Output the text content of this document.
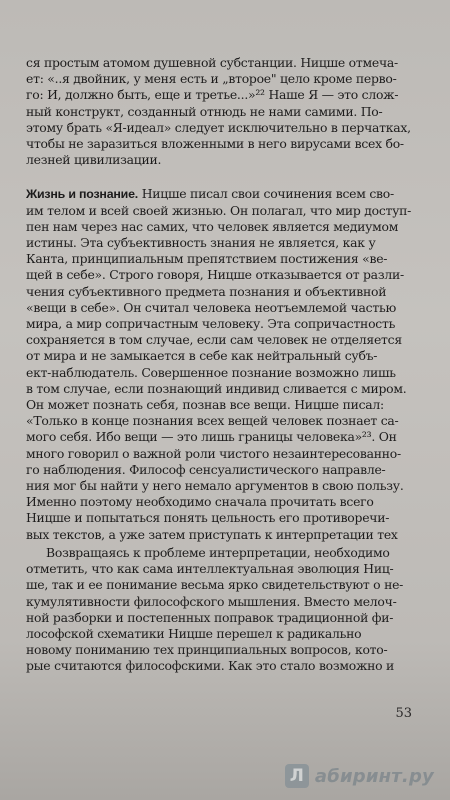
ся простым атомом душевной субстанции. Ницше отмеча-

ет: «..я двойник, у меня есть и „второе" цело кроме перво-

го: И, должно быть, еще и третье...»²² Наше Я — это слож-

ный конструкт, созданный отнюдь не нами самими. По-

этому брать «Я-идеал» следует исключительно в перчатках,

чтобы не заразиться вложенными в него вирусами всех бо-

лезней цивилизации.

Жизнь и познание. Ницше писал свои сочинения всем сво-

им телом и всей своей жизнью. Он полагал, что мир доступ-

пен нам через нас самих, что человек является медиумом

истины. Эта субъективность знания не является, как у

Канта, принципиальным препятствием постижения «ве-

щей в себе». Строго говоря, Ницше отказывается от разли-

чения субъективного предмета познания и объективной

«вещи в себе». Он считал человека неотъемлемой частью

мира, а мир сопричастным человеку. Эта сопричастность

сохраняется в том случае, если сам человек не отделяется

от мира и не замыкается в себе как нейтральный субъ-

ект-наблюдатель. Совершенное познание возможно лишь

в том случае, если познающий индивид сливается с миром.

Он может познать себя, познав все вещи. Ницше писал:

«Только в конце познания всех вещей человек познает са-

мого себя. Ибо вещи — это лишь границы человека»²³. Он

много говорил о важной роли чистого незаинтересованно-

го наблюдения. Философ сенсуалистического направле-

ния мог бы найти у него немало аргументов в свою пользу.

Именно поэтому необходимо сначала прочитать всего

Ницше и попытаться понять цельность его противоречи-

вых текстов, а уже затем приступать к интерпретации тех

Возвращаясь к проблеме интерпретации, необходимо

отметить, что как сама интеллектуальная эволюция Ниц-

ше, так и ее понимание весьма ярко свидетельствуют о не-

кумулятивности философского мышления. Вместо мелоч-

ной разборки и постепенных поправок традиционной фи-

лософской схематики Ницше перешел к радикально

новому пониманию тех принципиальных вопросов, кото-

рые считаются философскими. Как это стало возможно и

53
Л абиринт.ру
